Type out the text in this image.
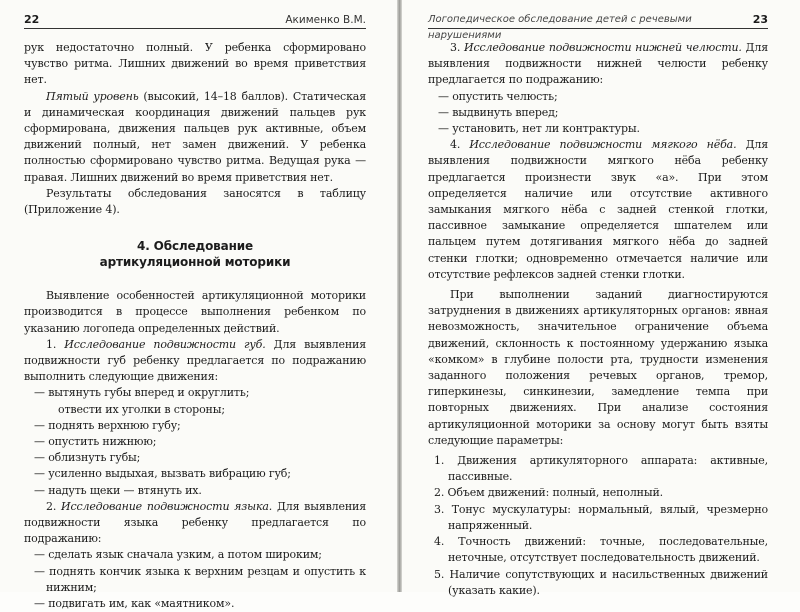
22	Акименко В.М.

рук недостаточно полный. У ребенка сформировано чувство ритма. Лишних движений во время приветствия нет.

Пятый уровень (высокий, 14–18 баллов). Статическая и динамическая координация движений пальцев рук сформирована, движения пальцев рук активные, объем движений полный, нет замен движений. У ребенка полностью сформировано чувство ритма. Ведущая рука — правая. Лишних движений во время приветствия нет.

Результаты обследования заносятся в таблицу (Приложение 4).

4. Обследование
артикуляционной моторики

Выявление особенностей артикуляционной моторики производится в процессе выполнения ребенком по указанию логопеда определенных действий.

1. Исследование подвижности губ. Для выявления подвижности губ ребенку предлагается по подражанию выполнить следующие движения:

— вытянуть губы вперед и округлить;

отвести их уголки в стороны;

— поднять верхнюю губу;

— опустить нижнюю;

— облизнуть губы;

— усиленно выдыхая, вызвать вибрацию губ;

— надуть щеки — втянуть их.

2. Исследование подвижности языка. Для выявления подвижности языка ребенку предлагается по подражанию:

— сделать язык сначала узким, а потом широким;

— поднять кончик языка к верхним резцам и опустить к нижним;

— подвигать им, как «маятником».

Логопедическое обследование детей с речевыми нарушениями
23

3. Исследование подвижности нижней челюсти. Для выявления подвижности нижней челюсти ребенку предлагается по подражанию:

— опустить челюсть;

— выдвинуть вперед;

— установить, нет ли контрактуры.

4. Исследование подвижности мягкого нёба. Для выявления подвижности мягкого нёба ребенку предлагается произнести звук «а». При этом определяется наличие или отсутствие активного замыкания мягкого нёба с задней стенкой глотки, пассивное замыкание определяется шпателем или пальцем путем дотягивания мягкого нёба до задней стенки глотки; одновременно отмечается наличие или отсутствие рефлексов задней стенки глотки.

При выполнении заданий диагностируются затруднения в движениях артикуляторных органов: явная невозможность, значительное ограничение объема движений, склонность к постоянному удержанию языка «комком» в глубине полости рта, трудности изменения заданного положения речевых органов, тремор, гиперкинезы, синкинезии, замедление темпа при повторных движениях. При анализе состояния артикуляционной моторики за основу могут быть взяты следующие параметры:

1. Движения артикуляторного аппарата: активные, пассивные.

2. Объем движений: полный, неполный.

3. Тонус мускулатуры: нормальный, вялый, чрезмерно напряженный.

4. Точность движений: точные, последовательные, неточные, отсутствует последовательность движений.

5. Наличие сопутствующих и насильственных движений (указать какие).
